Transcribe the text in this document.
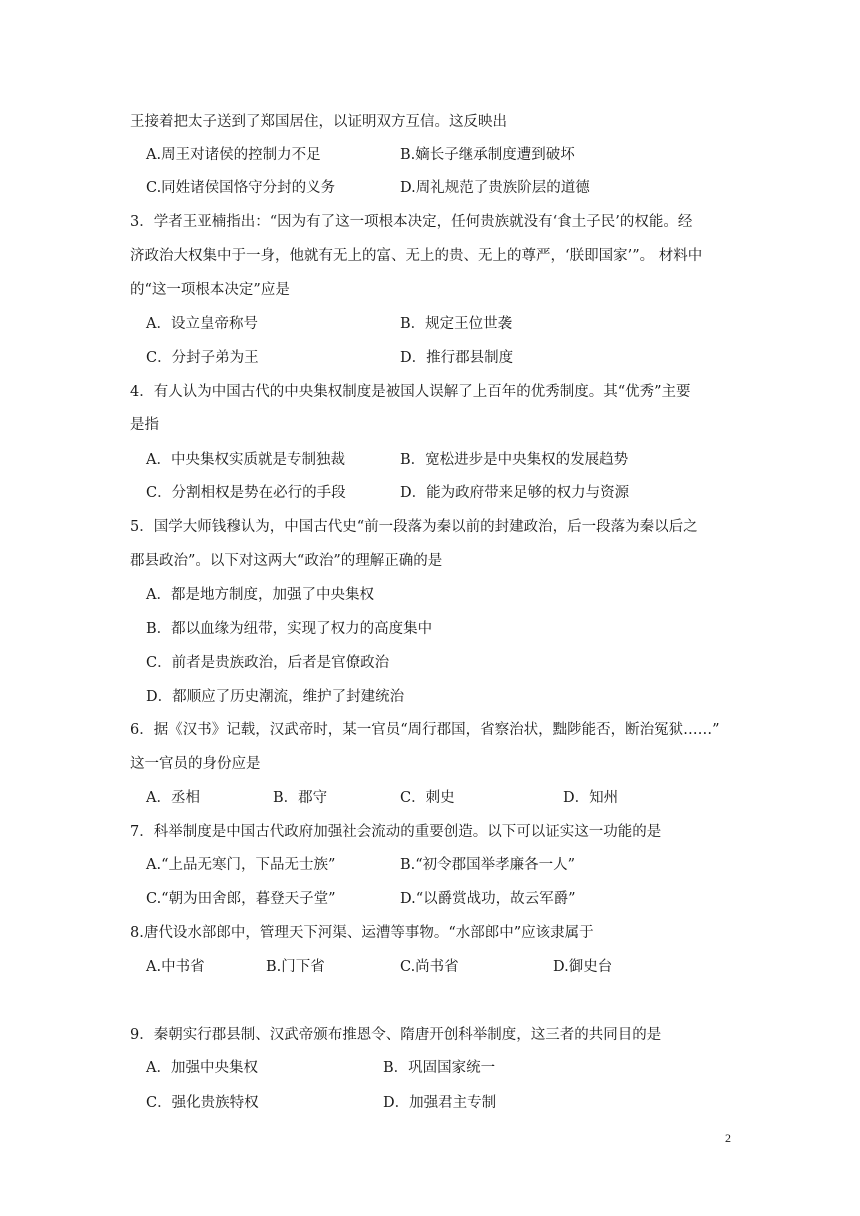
王接着把太子送到了郑国居住，以证明双方互信。这反映出
A.周王对诸侯的控制力不足	B.嫡长子继承制度遭到破坏
C.同姓诸侯国恪守分封的义务	D.周礼规范了贵族阶层的道德
3．学者王亚楠指出：“因为有了这一项根本决定，任何贵族就没有‘食土子民’的权能。经
济政治大权集中于一身，他就有无上的富、无上的贵、无上的尊严，‘朕即国家’”。 材料中
的“这一项根本决定”应是
A．设立皇帝称号	B．规定王位世袭
C．分封子弟为王	D．推行郡县制度
4．有人认为中国古代的中央集权制度是被国人误解了上百年的优秀制度。其“优秀”主要
是指
A．中央集权实质就是专制独裁	B．宽松进步是中央集权的发展趋势
C．分割相权是势在必行的手段	D．能为政府带来足够的权力与资源
5．国学大师钱穆认为，中国古代史“前一段落为秦以前的封建政治，后一段落为秦以后之
郡县政治”。以下对这两大“政治”的理解正确的是
A．都是地方制度，加强了中央集权
B．都以血缘为纽带，实现了权力的高度集中
C．前者是贵族政治，后者是官僚政治
D．都顺应了历史潮流，维护了封建统治
6．据《汉书》记载，汉武帝时，某一官员“周行郡国，省察治状，黜陟能否，断治冤狱……”
这一官员的身份应是
A．丞相	B．郡守	C．刺史	D．知州
7．科举制度是中国古代政府加强社会流动的重要创造。以下可以证实这一功能的是
A.“上品无寒门，下品无士族”	B.“初令郡国举孝廉各一人”
C.“朝为田舍郎，暮登天子堂”	D.“以爵赏战功，故云军爵”
8.唐代设水部郎中，管理天下河渠、运漕等事物。“水部郎中”应该隶属于
A.中书省	B.门下省	C.尚书省	D.御史台
9．秦朝实行郡县制、汉武帝颁布推恩令、隋唐开创科举制度，这三者的共同目的是
A．加强中央集权	B．巩固国家统一
C．强化贵族特权	D．加强君主专制
2
